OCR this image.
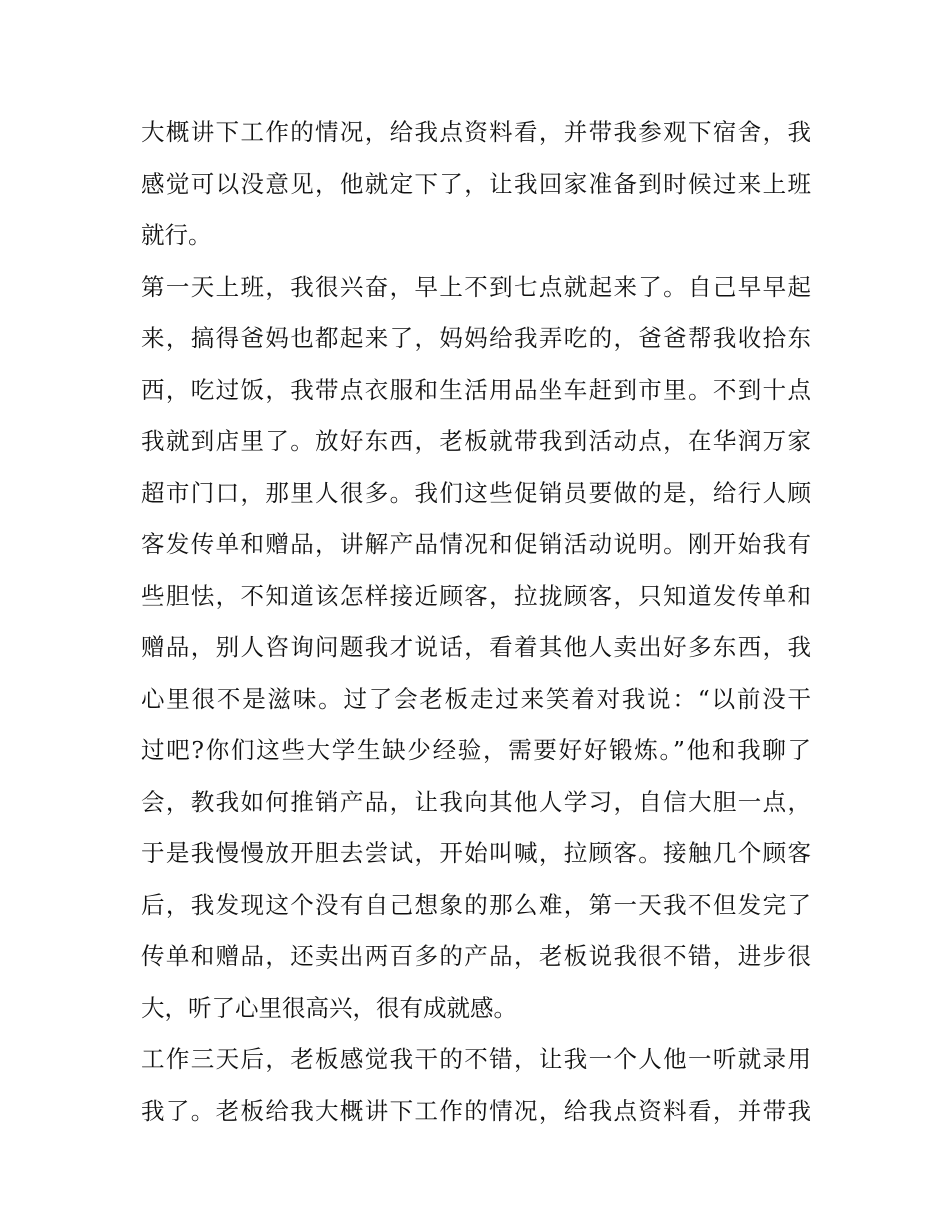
大概讲下工作的情况，给我点资料看，并带我参观下宿舍，我
感觉可以没意见，他就定下了，让我回家准备到时候过来上班
就行。
第一天上班，我很兴奋，早上不到七点就起来了。自己早早起
来，搞得爸妈也都起来了，妈妈给我弄吃的，爸爸帮我收拾东
西，吃过饭，我带点衣服和生活用品坐车赶到市里。不到十点
我就到店里了。放好东西，老板就带我到活动点，在华润万家
超市门口，那里人很多。我们这些促销员要做的是，给行人顾
客发传单和赠品，讲解产品情况和促销活动说明。刚开始我有
些胆怯，不知道该怎样接近顾客，拉拢顾客，只知道发传单和
赠品，别人咨询问题我才说话，看着其他人卖出好多东西，我
心里很不是滋味。过了会老板走过来笑着对我说：“以前没干
过吧?你们这些大学生缺少经验，需要好好锻炼。”他和我聊了
会，教我如何推销产品，让我向其他人学习，自信大胆一点，
于是我慢慢放开胆去尝试，开始叫喊，拉顾客。接触几个顾客
后，我发现这个没有自己想象的那么难，第一天我不但发完了
传单和赠品，还卖出两百多的产品，老板说我很不错，进步很
大，听了心里很高兴，很有成就感。
工作三天后，老板感觉我干的不错，让我一个人他一听就录用
我了。老板给我大概讲下工作的情况，给我点资料看，并带我
